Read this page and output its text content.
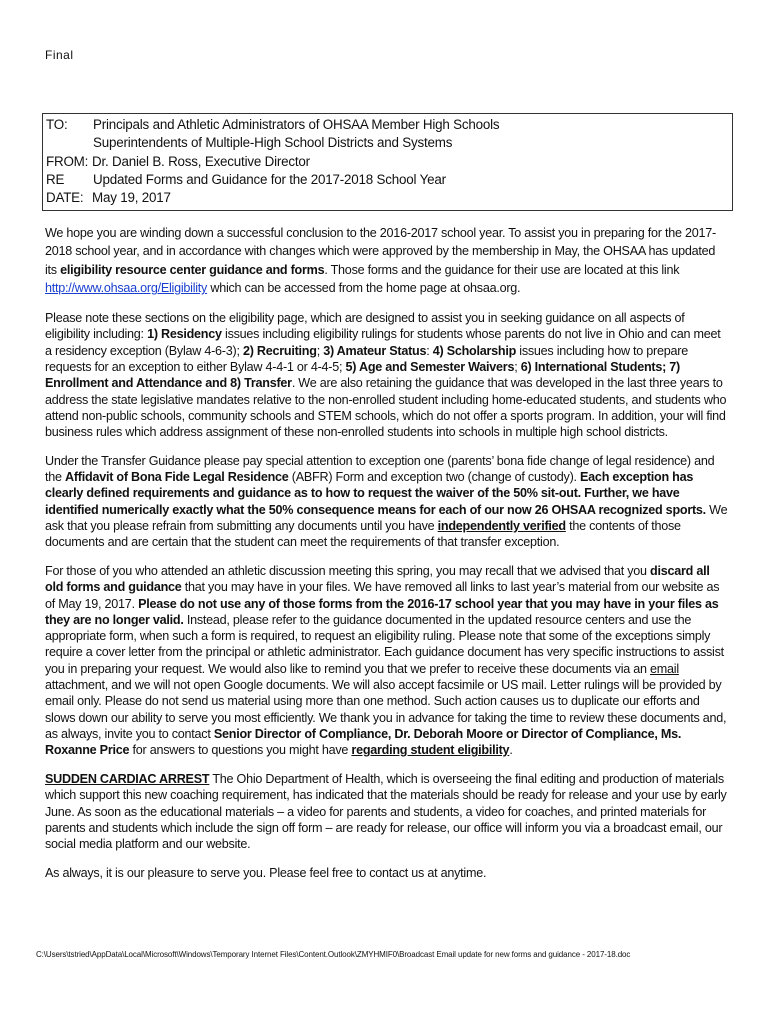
Final
TO:	Principals and Athletic Administrators of OHSAA Member High Schools
Superintendents of Multiple-High School Districts and Systems
FROM: Dr. Daniel B. Ross, Executive Director
RE	Updated Forms and Guidance for the 2017-2018 School Year
DATE: May 19, 2017

We hope you are winding down a successful conclusion to the 2016-2017 school year. To assist you in preparing for the 2017-2018 school year, and in accordance with changes which were approved by the membership in May, the OHSAA has updated its eligibility resource center guidance and forms. Those forms and the guidance for their use are located at this link http://www.ohsaa.org/Eligibility which can be accessed from the home page at ohsaa.org.

Please note these sections on the eligibility page, which are designed to assist you in seeking guidance on all aspects of eligibility including: 1) Residency issues including eligibility rulings for students whose parents do not live in Ohio and can meet a residency exception (Bylaw 4-6-3); 2) Recruiting; 3) Amateur Status: 4) Scholarship issues including how to prepare requests for an exception to either Bylaw 4-4-1 or 4-4-5; 5) Age and Semester Waivers; 6) International Students; 7) Enrollment and Attendance and 8) Transfer. We are also retaining the guidance that was developed in the last three years to address the state legislative mandates relative to the non-enrolled student including home-educated students, and students who attend non-public schools, community schools and STEM schools, which do not offer a sports program. In addition, your will find business rules which address assignment of these non-enrolled students into schools in multiple high school districts.

Under the Transfer Guidance please pay special attention to exception one (parents’ bona fide change of legal residence) and the Affidavit of Bona Fide Legal Residence (ABFR) Form and exception two (change of custody). Each exception has clearly defined requirements and guidance as to how to request the waiver of the 50% sit-out. Further, we have identified numerically exactly what the 50% consequence means for each of our now 26 OHSAA recognized sports. We ask that you please refrain from submitting any documents until you have independently verified the contents of those documents and are certain that the student can meet the requirements of that transfer exception.

For those of you who attended an athletic discussion meeting this spring, you may recall that we advised that you discard all old forms and guidance that you may have in your files. We have removed all links to last year’s material from our website as of May 19, 2017. Please do not use any of those forms from the 2016-17 school year that you may have in your files as they are no longer valid. Instead, please refer to the guidance documented in the updated resource centers and use the appropriate form, when such a form is required, to request an eligibility ruling. Please note that some of the exceptions simply require a cover letter from the principal or athletic administrator. Each guidance document has very specific instructions to assist you in preparing your request. We would also like to remind you that we prefer to receive these documents via an email attachment, and we will not open Google documents. We will also accept facsimile or US mail. Letter rulings will be provided by email only. Please do not send us material using more than one method. Such action causes us to duplicate our efforts and slows down our ability to serve you most efficiently. We thank you in advance for taking the time to review these documents and, as always, invite you to contact Senior Director of Compliance, Dr. Deborah Moore or Director of Compliance, Ms. Roxanne Price for answers to questions you might have regarding student eligibility.

SUDDEN CARDIAC ARREST The Ohio Department of Health, which is overseeing the final editing and production of materials which support this new coaching requirement, has indicated that the materials should be ready for release and your use by early June. As soon as the educational materials – a video for parents and students, a video for coaches, and printed materials for parents and students which include the sign off form – are ready for release, our office will inform you via a broadcast email, our social media platform and our website.

As always, it is our pleasure to serve you. Please feel free to contact us at anytime.

C:\Users\tstried\AppData\Local\Microsoft\Windows\Temporary Internet Files\Content.Outlook\ZMYHMIF0\Broadcast Email update for new forms and guidance - 2017-18.doc
